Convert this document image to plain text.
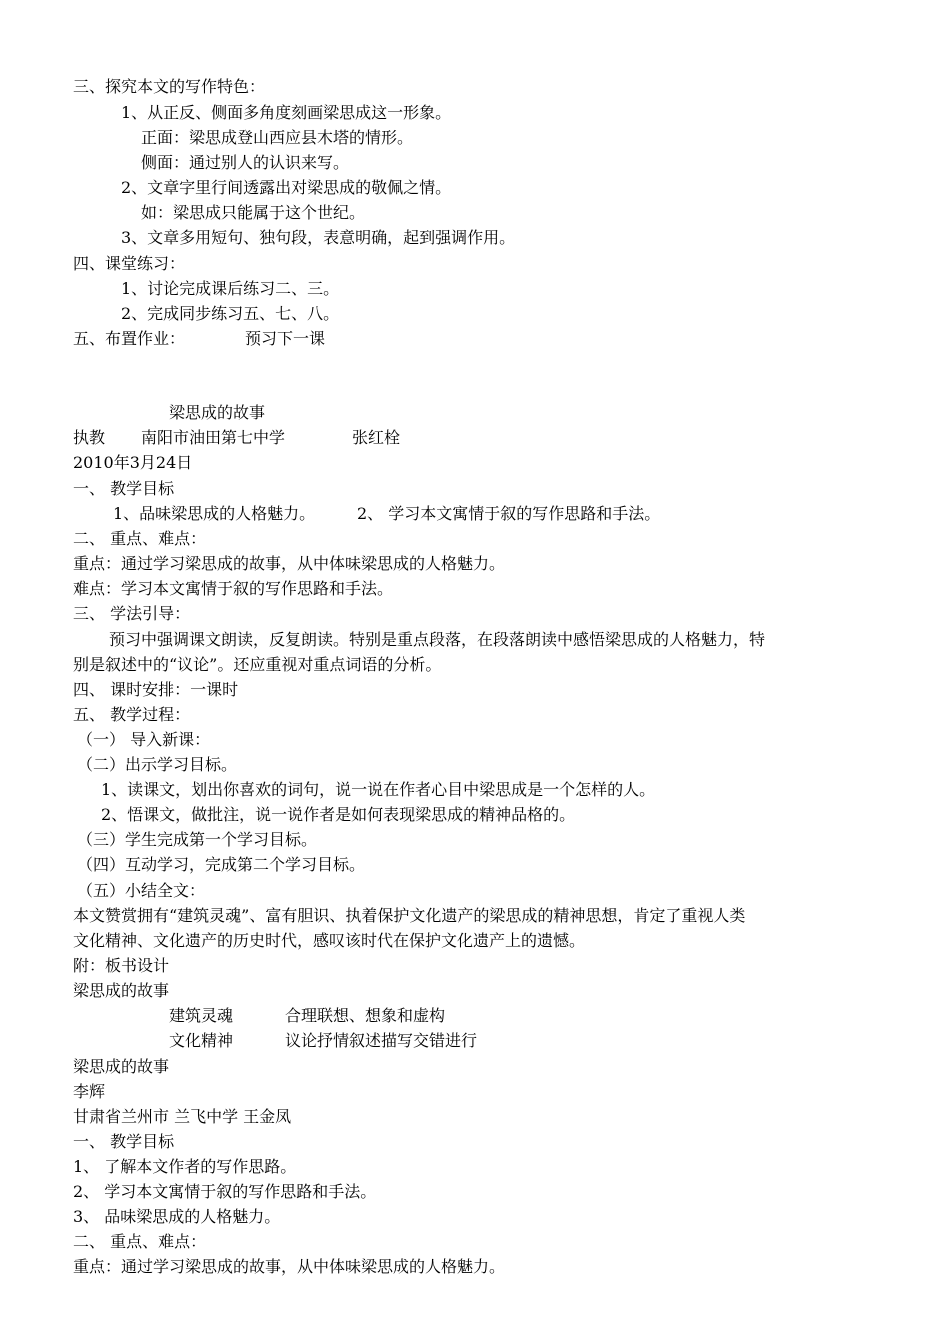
三、探究本文的写作特色：
1、从正反、侧面多角度刻画梁思成这一形象。
正面：梁思成登山西应县木塔的情形。
侧面：通过别人的认识来写。
2、文章字里行间透露出对梁思成的敬佩之情。
如：梁思成只能属于这个世纪。
3、文章多用短句、独句段，表意明确，起到强调作用。
四、课堂练习：
1、讨论完成课后练习二、三。
2、完成同步练习五、七、八。
五、布置作业：	预习下一课
梁思成的故事
执教 南阳市油田第七中学	张红栓
2010年3月24日
一、 教学目标
1、品味梁思成的人格魅力。	2、 学习本文寓情于叙的写作思路和手法。
二、 重点、难点：
重点：通过学习梁思成的故事，从中体味梁思成的人格魅力。
难点：学习本文寓情于叙的写作思路和手法。
三、 学法引导：
预习中强调课文朗读，反复朗读。特别是重点段落，在段落朗读中感悟梁思成的人格魅力，特
别是叙述中的“议论”。还应重视对重点词语的分析。
四、 课时安排：一课时
五、 教学过程：
（一） 导入新课：
（二）出示学习目标。
1、读课文，划出你喜欢的词句，说一说在作者心目中梁思成是一个怎样的人。
2、悟课文，做批注，说一说作者是如何表现梁思成的精神品格的。
（三）学生完成第一个学习目标。
（四）互动学习，完成第二个学习目标。
（五）小结全文：
本文赞赏拥有“建筑灵魂”、富有胆识、执着保护文化遗产的梁思成的精神思想，肯定了重视人类
文化精神、文化遗产的历史时代，感叹该时代在保护文化遗产上的遗憾。
附：板书设计
梁思成的故事
建筑灵魂	合理联想、想象和虚构
文化精神	议论抒情叙述描写交错进行
梁思成的故事
李辉
甘肃省兰州市 兰飞中学 王金凤
一、 教学目标
1、 了解本文作者的写作思路。
2、 学习本文寓情于叙的写作思路和手法。
3、 品味梁思成的人格魅力。
二、 重点、难点：
重点：通过学习梁思成的故事，从中体味梁思成的人格魅力。
